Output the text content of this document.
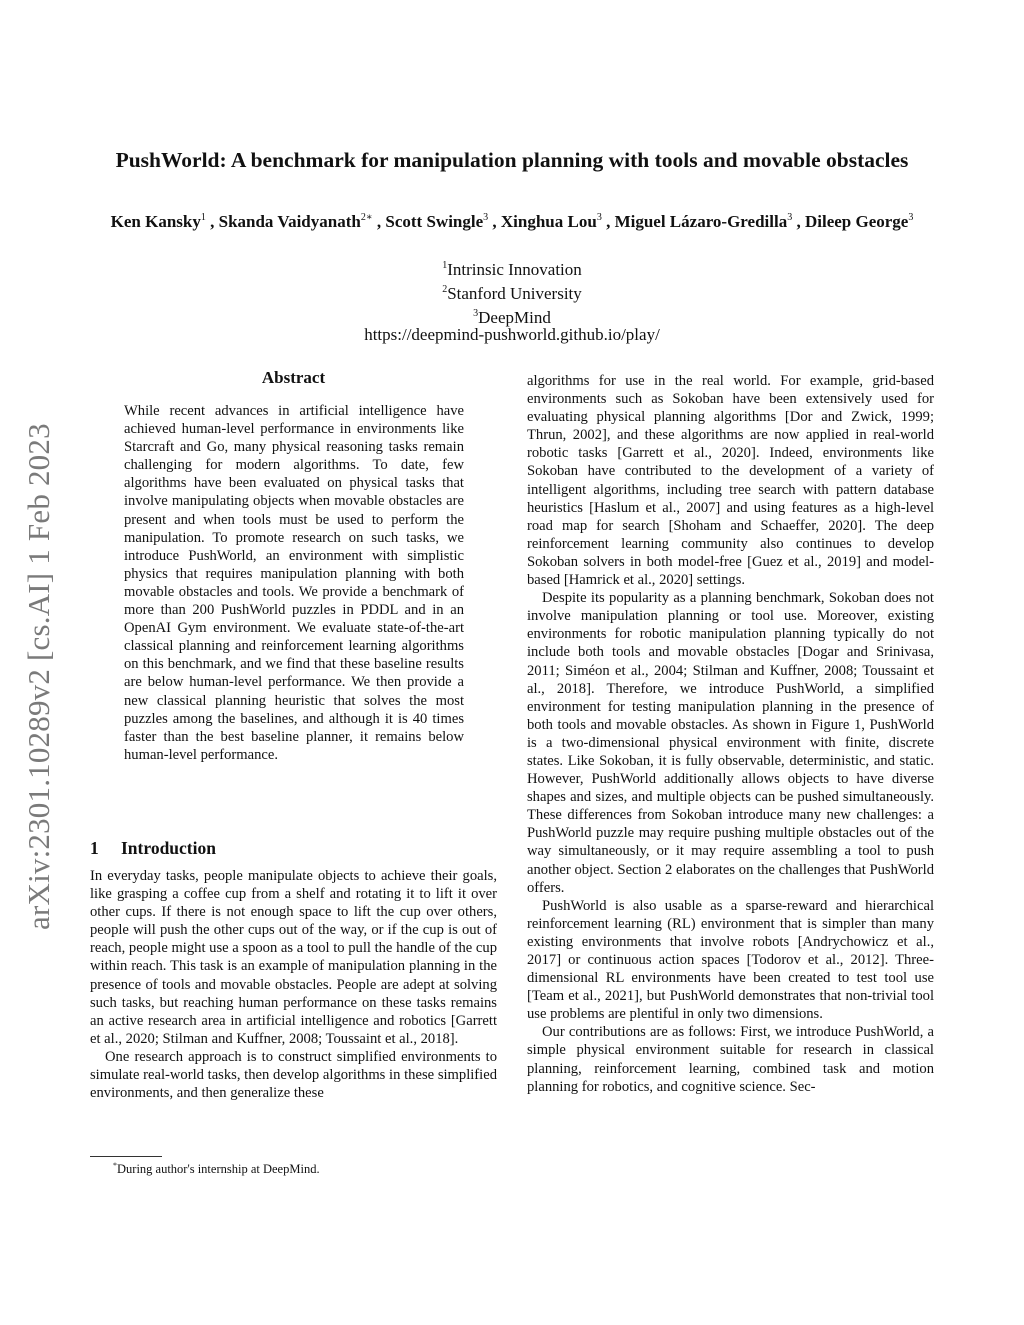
arXiv:2301.10289v2 [cs.AI] 1 Feb 2023
PushWorld: A benchmark for manipulation planning with tools and movable obstacles
Ken Kansky$^1$ , Skanda Vaidyanath$^{2∗}$ , Scott Swingle$^3$ , Xinghua Lou$^3$ , Miguel Lázaro-Gredilla$^3$ , Dileep George$^3$
$^1$Intrinsic Innovation
$^2$Stanford University
$^3$DeepMind
https://deepmind-pushworld.github.io/play/
Abstract
While recent advances in artificial intelligence have achieved human-level performance in environments like Starcraft and Go, many physical reasoning tasks remain challenging for modern algorithms. To date, few algorithms have been evaluated on physical tasks that involve manipulating objects when movable obstacles are present and when tools must be used to perform the manipulation. To promote research on such tasks, we introduce PushWorld, an environment with simplistic physics that requires manipulation planning with both movable obstacles and tools. We provide a benchmark of more than 200 PushWorld puzzles in PDDL and in an OpenAI Gym environment. We evaluate state-of-the-art classical planning and reinforcement learning algorithms on this benchmark, and we find that these baseline results are below human-level performance. We then provide a new classical planning heuristic that solves the most puzzles among the baselines, and although it is 40 times faster than the best baseline planner, it remains below human-level performance.
1 Introduction

In everyday tasks, people manipulate objects to achieve their goals, like grasping a coffee cup from a shelf and rotating it to lift it over other cups. If there is not enough space to lift the cup over others, people will push the other cups out of the way, or if the cup is out of reach, people might use a spoon as a tool to pull the handle of the cup within reach. This task is an example of manipulation planning in the presence of tools and movable obstacles. People are adept at solving such tasks, but reaching human performance on these tasks remains an active research area in artificial intelligence and robotics [Garrett et al., 2020; Stilman and Kuffner, 2008; Toussaint et al., 2018].

One research approach is to construct simplified environments to simulate real-world tasks, then develop algorithms in these simplified environments, and then generalize these

algorithms for use in the real world. For example, grid-based environments such as Sokoban have been extensively used for evaluating physical planning algorithms [Dor and Zwick, 1999; Thrun, 2002], and these algorithms are now applied in real-world robotic tasks [Garrett et al., 2020]. Indeed, environments like Sokoban have contributed to the development of a variety of intelligent algorithms, including tree search with pattern database heuristics [Haslum et al., 2007] and using features as a high-level road map for search [Shoham and Schaeffer, 2020]. The deep reinforcement learning community also continues to develop Sokoban solvers in both model-free [Guez et al., 2019] and model-based [Hamrick et al., 2020] settings.

Despite its popularity as a planning benchmark, Sokoban does not involve manipulation planning or tool use. Moreover, existing environments for robotic manipulation planning typically do not include both tools and movable obstacles [Dogar and Srinivasa, 2011; Siméon et al., 2004; Stilman and Kuffner, 2008; Toussaint et al., 2018]. Therefore, we introduce PushWorld, a simplified environment for testing manipulation planning in the presence of both tools and movable obstacles. As shown in Figure 1, PushWorld is a two-dimensional physical environment with finite, discrete states. Like Sokoban, it is fully observable, deterministic, and static. However, PushWorld additionally allows objects to have diverse shapes and sizes, and multiple objects can be pushed simultaneously. These differences from Sokoban introduce many new challenges: a PushWorld puzzle may require pushing multiple obstacles out of the way simultaneously, or it may require assembling a tool to push another object. Section 2 elaborates on the challenges that PushWorld offers.

PushWorld is also usable as a sparse-reward and hierarchical reinforcement learning (RL) environment that is simpler than many existing environments that involve robots [Andrychowicz et al., 2017] or continuous action spaces [Todorov et al., 2012]. Three-dimensional RL environments have been created to test tool use [Team et al., 2021], but PushWorld demonstrates that non-trivial tool use problems are plentiful in only two dimensions.

Our contributions are as follows: First, we introduce PushWorld, a simple physical environment suitable for research in classical planning, reinforcement learning, combined task and motion planning for robotics, and cognitive science. Sec-

*During author's internship at DeepMind.
